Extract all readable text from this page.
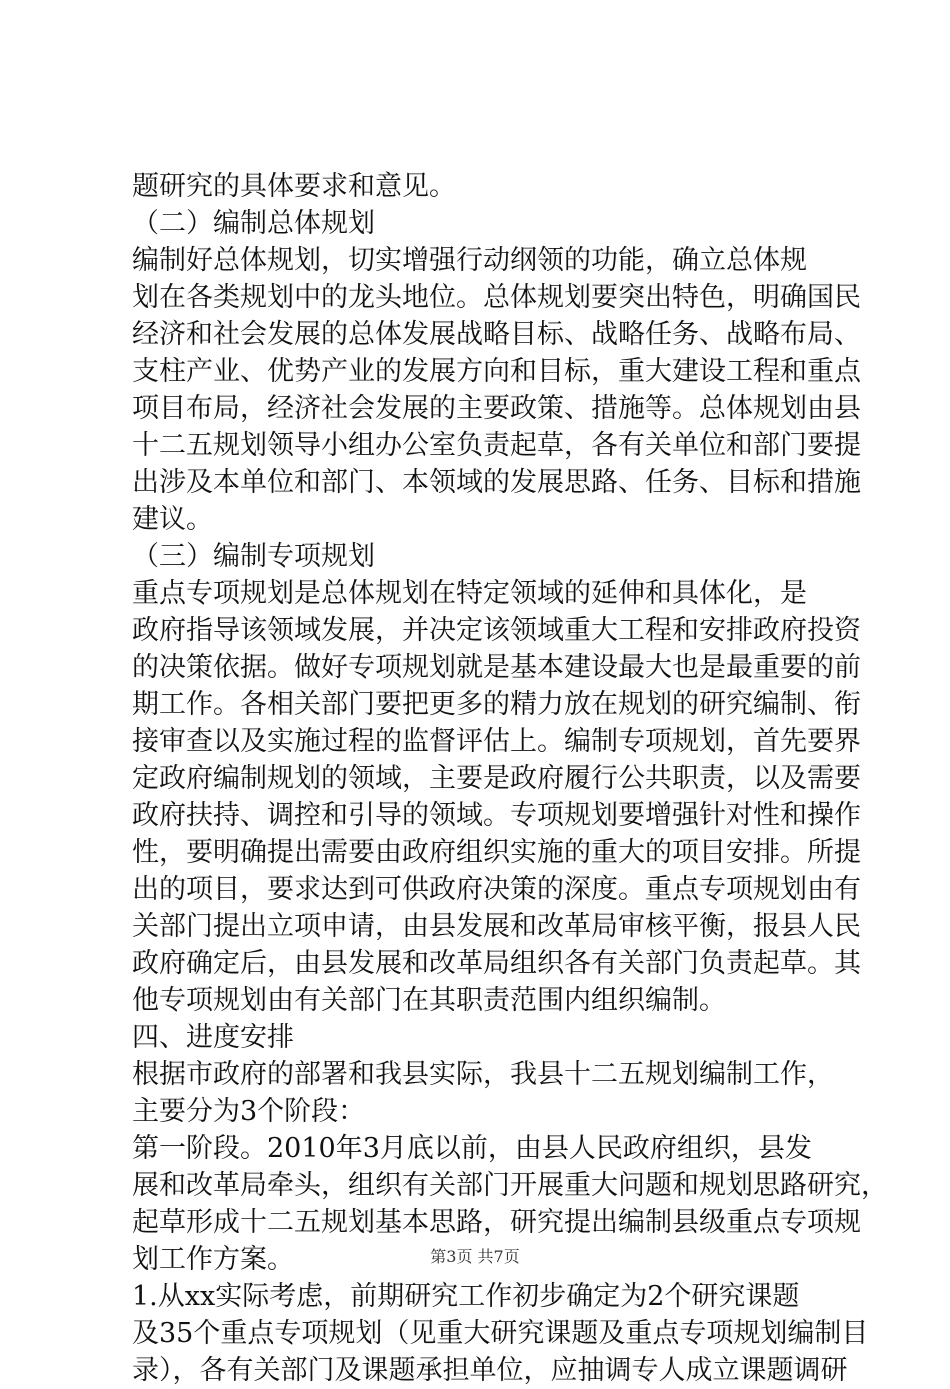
题研究的具体要求和意见。

（二）编制总体规划

编制好总体规划，切实增强行动纲领的功能，确立总体规

划在各类规划中的龙头地位。总体规划要突出特色，明确国民

经济和社会发展的总体发展战略目标、战略任务、战略布局、

支柱产业、优势产业的发展方向和目标，重大建设工程和重点

项目布局，经济社会发展的主要政策、措施等。总体规划由县

十二五规划领导小组办公室负责起草，各有关单位和部门要提

出涉及本单位和部门、本领域的发展思路、任务、目标和措施

建议。

（三）编制专项规划

重点专项规划是总体规划在特定领域的延伸和具体化，是

政府指导该领域发展，并决定该领域重大工程和安排政府投资

的决策依据。做好专项规划就是基本建设最大也是最重要的前

期工作。各相关部门要把更多的精力放在规划的研究编制、衔

接审查以及实施过程的监督评估上。编制专项规划，首先要界

定政府编制规划的领域，主要是政府履行公共职责，以及需要

政府扶持、调控和引导的领域。专项规划要增强针对性和操作

性，要明确提出需要由政府组织实施的重大的项目安排。所提

出的项目，要求达到可供政府决策的深度。重点专项规划由有

关部门提出立项申请，由县发展和改革局审核平衡，报县人民

政府确定后，由县发展和改革局组织各有关部门负责起草。其

他专项规划由有关部门在其职责范围内组织编制。

四、进度安排

根据市政府的部署和我县实际，我县十二五规划编制工作，

主要分为3个阶段：

第一阶段。2010年3月底以前，由县人民政府组织，县发

展和改革局牵头，组织有关部门开展重大问题和规划思路研究，

起草形成十二五规划基本思路，研究提出编制县级重点专项规

划工作方案。

1.从xx实际考虑，前期研究工作初步确定为2个研究课题

及35个重点专项规划（见重大研究课题及重点专项规划编制目

录），各有关部门及课题承担单位，应抽调专人成立课题调研

第3页 共7页
